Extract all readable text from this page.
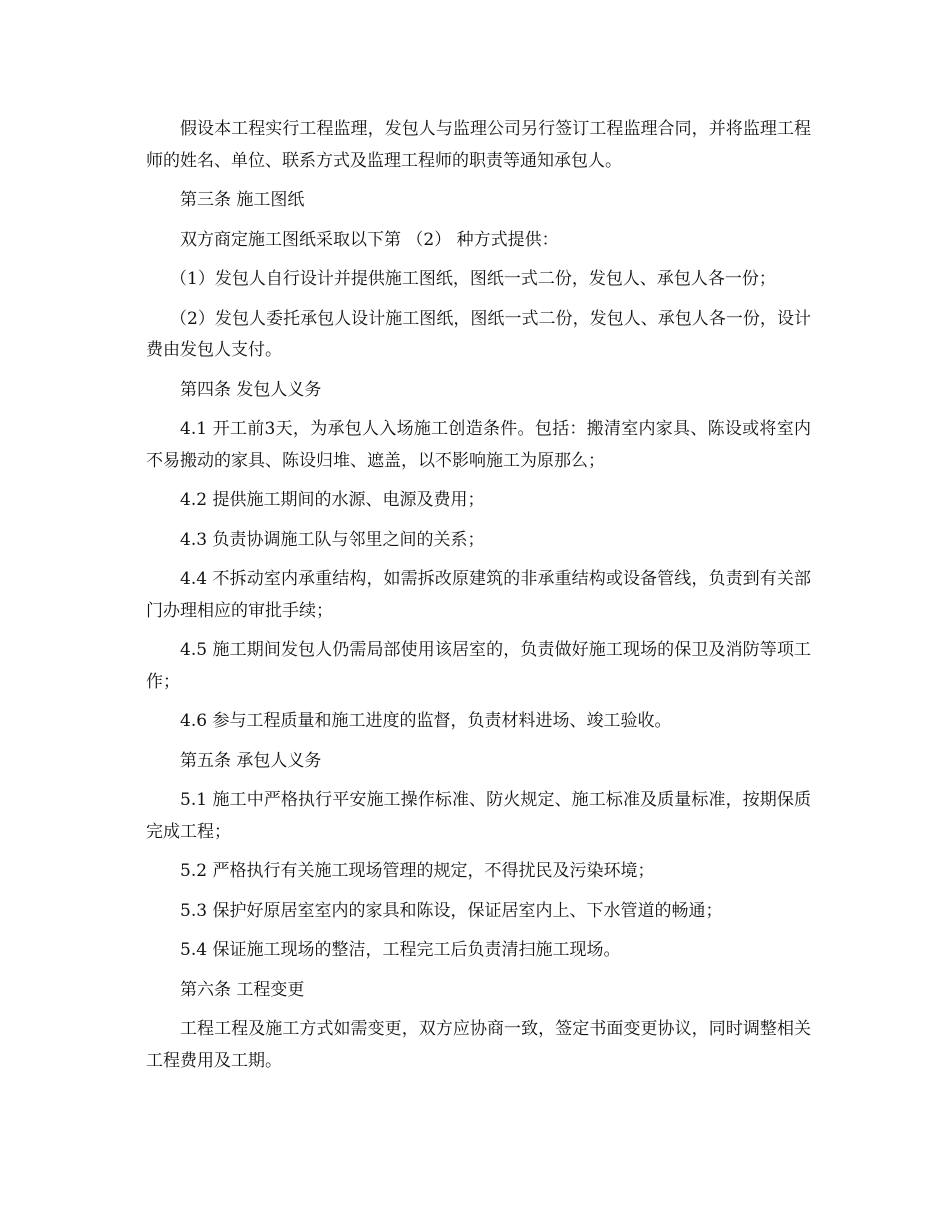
假设本工程实行工程监理，发包人与监理公司另行签订工程监理合同，并将监理工程师的姓名、单位、联系方式及监理工程师的职责等通知承包人。

第三条 施工图纸

双方商定施工图纸采取以下第 （2） 种方式提供：

（1）发包人自行设计并提供施工图纸，图纸一式二份，发包人、承包人各一份；

（2）发包人委托承包人设计施工图纸，图纸一式二份，发包人、承包人各一份，设计 费由发包人支付。

第四条 发包人义务

4.1 开工前3天，为承包人入场施工创造条件。包括：搬清室内家具、陈设或将室内不易搬动的家具、陈设归堆、遮盖，以不影响施工为原那么；

4.2 提供施工期间的水源、电源及费用；

4.3 负责协调施工队与邻里之间的关系；

4.4 不拆动室内承重结构，如需拆改原建筑的非承重结构或设备管线，负责到有关部门办理相应的审批手续；

4.5 施工期间发包人仍需局部使用该居室的，负责做好施工现场的保卫及消防等项工作；

4.6 参与工程质量和施工进度的监督，负责材料进场、竣工验收。

第五条 承包人义务

5.1 施工中严格执行平安施工操作标准、防火规定、施工标准及质量标准，按期保质完成工程；

5.2 严格执行有关施工现场管理的规定，不得扰民及污染环境；

5.3 保护好原居室室内的家具和陈设，保证居室内上、下水管道的畅通；

5.4 保证施工现场的整洁，工程完工后负责清扫施工现场。

第六条 工程变更

工程工程及施工方式如需变更，双方应协商一致，签定书面变更协议，同时调整相关工程费用及工期。
